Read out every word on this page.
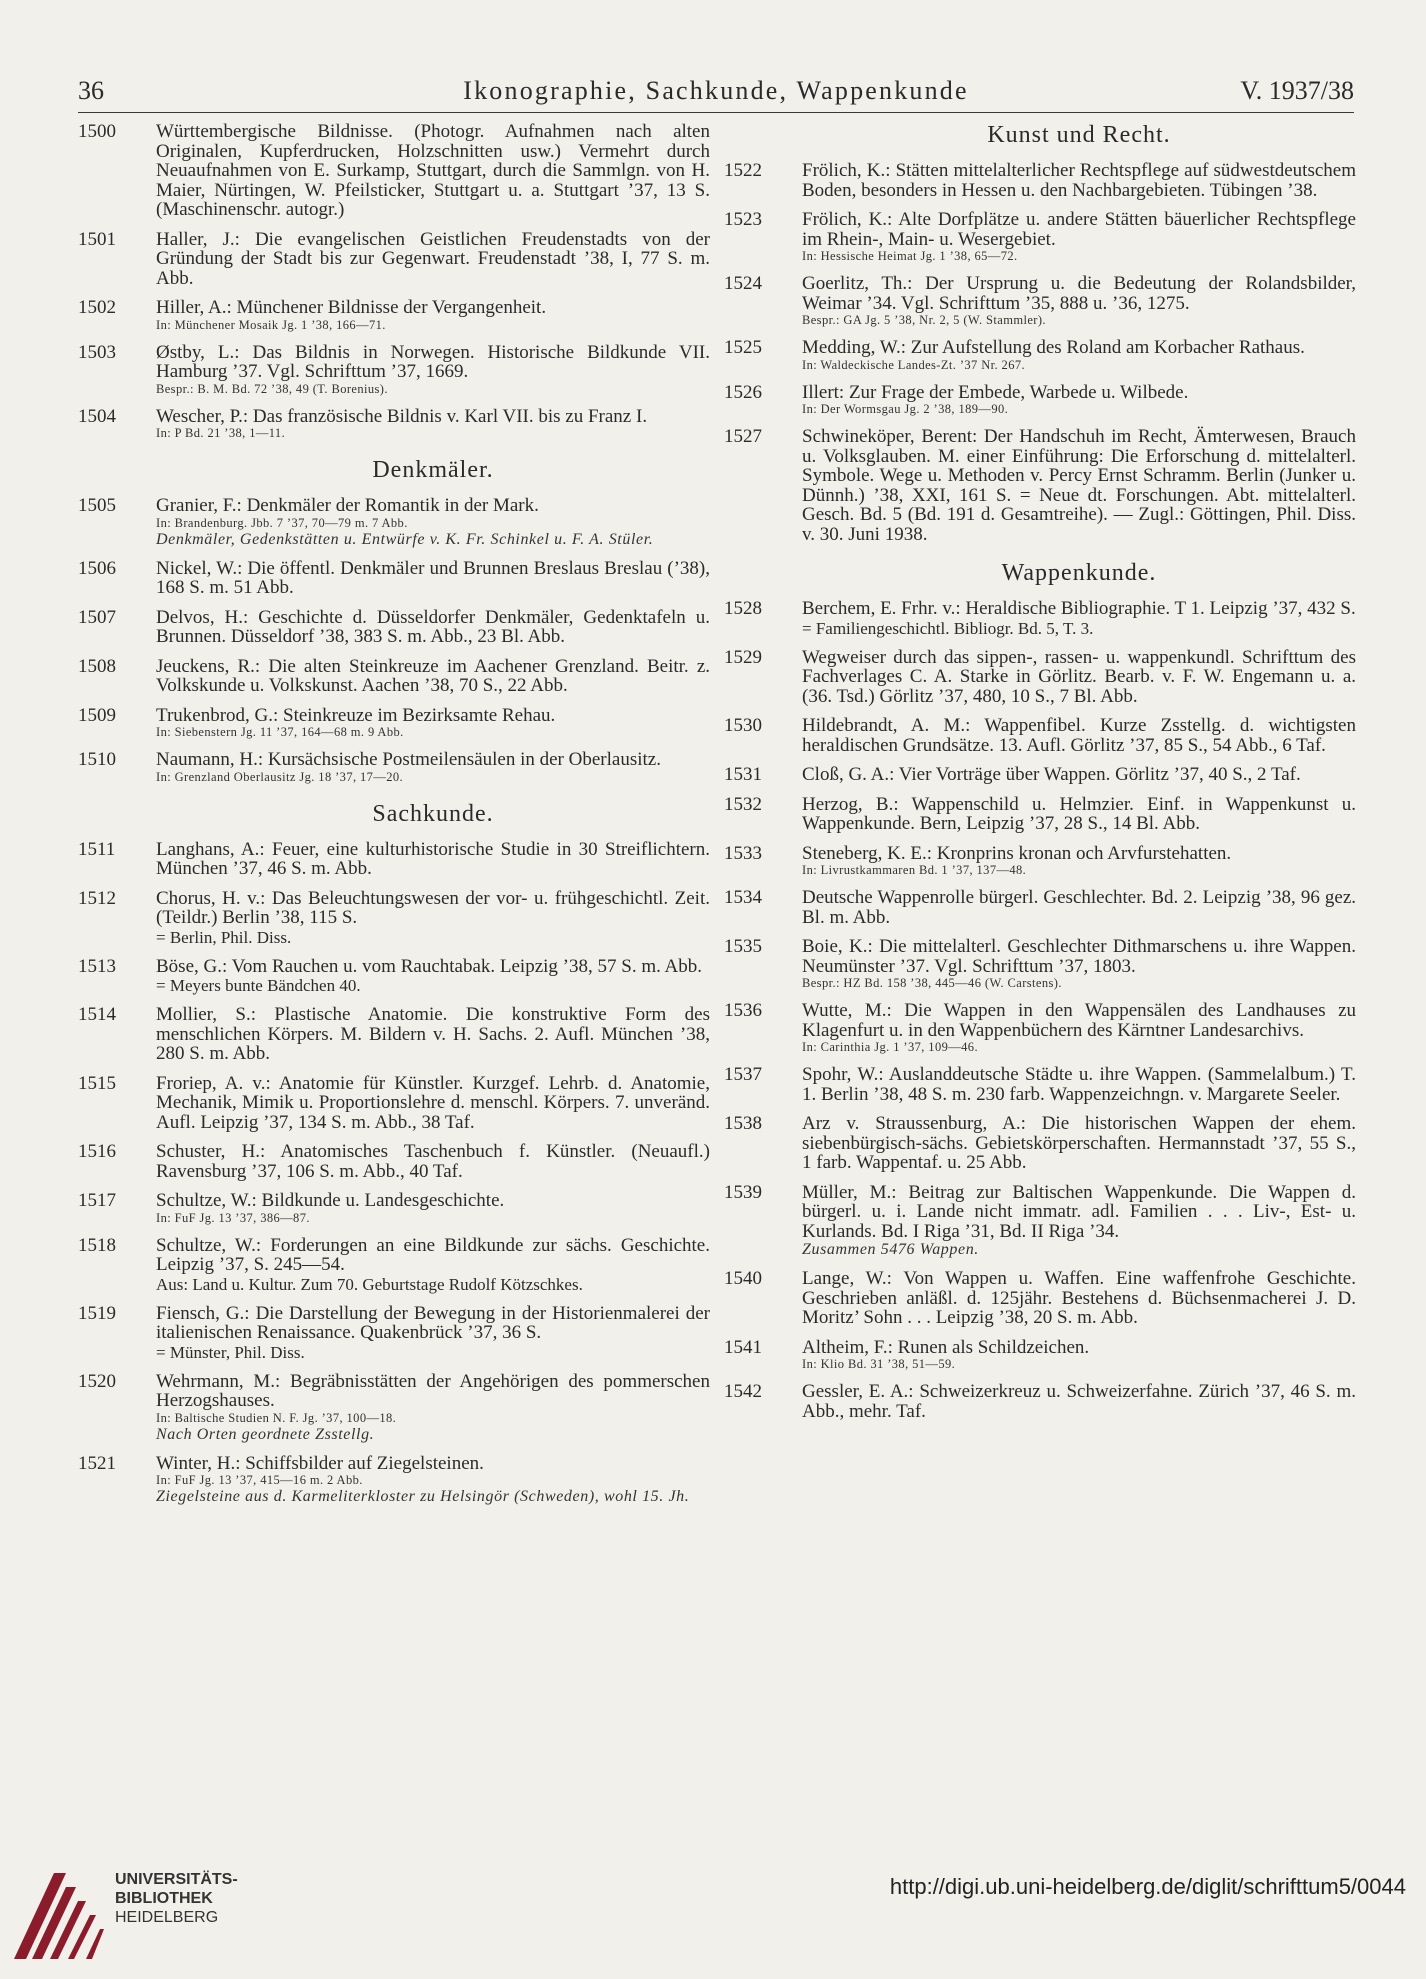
36	Ikonographie, Sachkunde, Wappenkunde	V. 1937/38
1500 Württembergische Bildnisse. (Photogr. Aufnahmen nach alten Originalen, Kupferdrucken, Holzschnitten usw.) Vermehrt durch Neuaufnahmen von E. Surkamp, Stuttgart, durch die Sammlgn. von H. Maier, Nürtingen, W. Pfeilsticker, Stuttgart u. a. Stuttgart ’37, 13 S. (Maschinenschr. autogr.)
1501 Haller, J.: Die evangelischen Geistlichen Freudenstadts von der Gründung der Stadt bis zur Gegenwart. Freudenstadt ’38, I, 77 S. m. Abb.
1502 Hiller, A.: Münchener Bildnisse der Vergangenheit.
In: Münchener Mosaik Jg. 1 ’38, 166—71.
1503 Østby, L.: Das Bildnis in Norwegen. Historische Bildkunde VII. Hamburg ’37. Vgl. Schrifttum ’37, 1669.
Bespr.: B. M. Bd. 72 ’38, 49 (T. Borenius).
1504 Wescher, P.: Das französische Bildnis v. Karl VII. bis zu Franz I.
In: P Bd. 21 ’38, 1—11.
Denkmäler.
1505 Granier, F.: Denkmäler der Romantik in der Mark.
In: Brandenburg. Jbb. 7 ’37, 70—79 m. 7 Abb.
Denkmäler, Gedenkstätten u. Entwürfe v. K. Fr. Schinkel u. F. A. Stüler.
1506 Nickel, W.: Die öffentl. Denkmäler und Brunnen Breslaus Breslau (’38), 168 S. m. 51 Abb.
1507 Delvos, H.: Geschichte d. Düsseldorfer Denkmäler, Gedenktafeln u. Brunnen. Düsseldorf ’38, 383 S. m. Abb., 23 Bl. Abb.
1508 Jeuckens, R.: Die alten Steinkreuze im Aachener Grenzland. Beitr. z. Volkskunde u. Volkskunst. Aachen ’38, 70 S., 22 Abb.
1509 Trukenbrod, G.: Steinkreuze im Bezirksamte Rehau.
In: Siebenstern Jg. 11 ’37, 164—68 m. 9 Abb.
1510 Naumann, H.: Kursächsische Postmeilensäulen in der Oberlausitz.
In: Grenzland Oberlausitz Jg. 18 ’37, 17—20.
Sachkunde.
1511 Langhans, A.: Feuer, eine kulturhistorische Studie in 30 Streiflichtern. München ’37, 46 S. m. Abb.
1512 Chorus, H. v.: Das Beleuchtungswesen der vor- u. frühgeschichtl. Zeit. (Teildr.) Berlin ’38, 115 S.
= Berlin, Phil. Diss.
1513 Böse, G.: Vom Rauchen u. vom Rauchtabak. Leipzig ’38, 57 S. m. Abb.
= Meyers bunte Bändchen 40.
1514 Mollier, S.: Plastische Anatomie. Die konstruktive Form des menschlichen Körpers. M. Bildern v. H. Sachs. 2. Aufl. München ’38, 280 S. m. Abb.
1515 Froriep, A. v.: Anatomie für Künstler. Kurzgef. Lehrb. d. Anatomie, Mechanik, Mimik u. Proportionslehre d. menschl. Körpers. 7. unveränd. Aufl. Leipzig ’37, 134 S. m. Abb., 38 Taf.
1516 Schuster, H.: Anatomisches Taschenbuch f. Künstler. (Neuaufl.) Ravensburg ’37, 106 S. m. Abb., 40 Taf.
1517 Schultze, W.: Bildkunde u. Landesgeschichte.
In: FuF Jg. 13 ’37, 386—87.
1518 Schultze, W.: Forderungen an eine Bildkunde zur sächs. Geschichte. Leipzig ’37, S. 245—54.
Aus: Land u. Kultur. Zum 70. Geburtstage Rudolf Kötzschkes.
1519 Fiensch, G.: Die Darstellung der Bewegung in der Historienmalerei der italienischen Renaissance. Quakenbrück ’37, 36 S.
= Münster, Phil. Diss.
1520 Wehrmann, M.: Begräbnisstätten der Angehörigen des pommerschen Herzogshauses.
In: Baltische Studien N. F. Jg. ’37, 100—18.
Nach Orten geordnete Zsstellg.
1521 Winter, H.: Schiffsbilder auf Ziegelsteinen.
In: FuF Jg. 13 ’37, 415—16 m. 2 Abb.
Ziegelsteine aus d. Karmeliterkloster zu Helsingör (Schweden), wohl 15. Jh.
Kunst und Recht.
1522 Frölich, K.: Stätten mittelalterlicher Rechtspflege auf südwestdeutschem Boden, besonders in Hessen u. den Nachbargebieten. Tübingen ’38.
1523 Frölich, K.: Alte Dorfplätze u. andere Stätten bäuerlicher Rechtspflege im Rhein-, Main- u. Wesergebiet.
In: Hessische Heimat Jg. 1 ’38, 65—72.
1524 Goerlitz, Th.: Der Ursprung u. die Bedeutung der Rolandsbilder, Weimar ’34. Vgl. Schrifttum ’35, 888 u. ’36, 1275.
Bespr.: GA Jg. 5 ’38, Nr. 2, 5 (W. Stammler).
1525 Medding, W.: Zur Aufstellung des Roland am Korbacher Rathaus.
In: Waldeckische Landes-Zt. ’37 Nr. 267.
1526 Illert: Zur Frage der Embede, Warbede u. Wilbede.
In: Der Wormsgau Jg. 2 ’38, 189—90.
1527 Schwineköper, Berent: Der Handschuh im Recht, Ämterwesen, Brauch u. Volksglauben. M. einer Einführung: Die Erforschung d. mittelalterl. Symbole. Wege u. Methoden v. Percy Ernst Schramm. Berlin (Junker u. Dünnh.) ’38, XXI, 161 S. = Neue dt. Forschungen. Abt. mittelalterl. Gesch. Bd. 5 (Bd. 191 d. Gesamtreihe). — Zugl.: Göttingen, Phil. Diss. v. 30. Juni 1938.
Wappenkunde.
1528 Berchem, E. Frhr. v.: Heraldische Bibliographie. T 1. Leipzig ’37, 432 S.
= Familiengeschichtl. Bibliogr. Bd. 5, T. 3.
1529 Wegweiser durch das sippen-, rassen- u. wappenkundl. Schrifttum des Fachverlages C. A. Starke in Görlitz. Bearb. v. F. W. Engemann u. a. (36. Tsd.) Görlitz ’37, 480, 10 S., 7 Bl. Abb.
1530 Hildebrandt, A. M.: Wappenfibel. Kurze Zsstellg. d. wichtigsten heraldischen Grundsätze. 13. Aufl. Görlitz ’37, 85 S., 54 Abb., 6 Taf.
1531 Cloß, G. A.: Vier Vorträge über Wappen. Görlitz ’37, 40 S., 2 Taf.
1532 Herzog, B.: Wappenschild u. Helmzier. Einf. in Wappenkunst u. Wappenkunde. Bern, Leipzig ’37, 28 S., 14 Bl. Abb.
1533 Steneberg, K. E.: Kronprins kronan och Arvfurstehatten.
In: Livrustkammaren Bd. 1 ’37, 137—48.
1534 Deutsche Wappenrolle bürgerl. Geschlechter. Bd. 2. Leipzig ’38, 96 gez. Bl. m. Abb.
1535 Boie, K.: Die mittelalterl. Geschlechter Dithmarschens u. ihre Wappen. Neumünster ’37. Vgl. Schrifttum ’37, 1803.
Bespr.: HZ Bd. 158 ’38, 445—46 (W. Carstens).
1536 Wutte, M.: Die Wappen in den Wappensälen des Landhauses zu Klagenfurt u. in den Wappenbüchern des Kärntner Landesarchivs.
In: Carinthia Jg. 1 ’37, 109—46.
1537 Spohr, W.: Auslanddeutsche Städte u. ihre Wappen. (Sammelalbum.) T. 1. Berlin ’38, 48 S. m. 230 farb. Wappenzeichngn. v. Margarete Seeler.
1538 Arz v. Straussenburg, A.: Die historischen Wappen der ehem. siebenbürgisch-sächs. Gebietskörperschaften. Hermannstadt ’37, 55 S., 1 farb. Wappentaf. u. 25 Abb.
1539 Müller, M.: Beitrag zur Baltischen Wappenkunde. Die Wappen d. bürgerl. u. i. Lande nicht immatr. adl. Familien . . . Liv-, Est- u. Kurlands. Bd. I Riga ’31, Bd. II Riga ’34.
Zusammen 5476 Wappen.
1540 Lange, W.: Von Wappen u. Waffen. Eine waffenfrohe Geschichte. Geschrieben anläßl. d. 125jähr. Bestehens d. Büchsenmacherei J. D. Moritz’ Sohn . . . Leipzig ’38, 20 S. m. Abb.
1541 Altheim, F.: Runen als Schildzeichen.
In: Klio Bd. 31 ’38, 51—59.
1542 Gessler, E. A.: Schweizerkreuz u. Schweizerfahne. Zürich ’37, 46 S. m. Abb., mehr. Taf.
UNIVERSITÄTS-
BIBLIOTHEK
HEIDELBERG
http://digi.ub.uni-heidelberg.de/diglit/schrifttum5/0044
